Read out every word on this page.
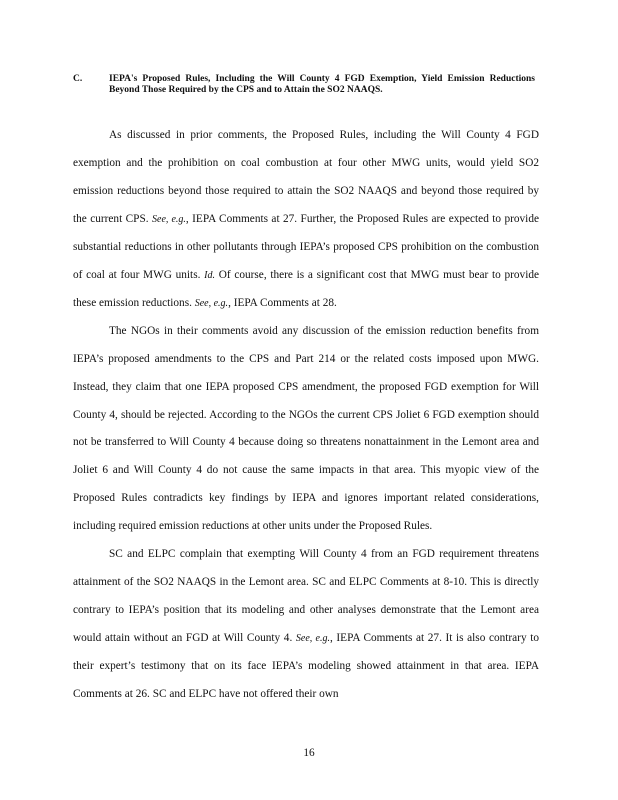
C.	IEPA's Proposed Rules, Including the Will County 4 FGD Exemption, Yield Emission Reductions Beyond Those Required by the CPS and to Attain the SO2 NAAQS.

As discussed in prior comments, the Proposed Rules, including the Will County 4 FGD exemption and the prohibition on coal combustion at four other MWG units, would yield SO2 emission reductions beyond those required to attain the SO2 NAAQS and beyond those required by the current CPS. See, e.g., IEPA Comments at 27. Further, the Proposed Rules are expected to provide substantial reductions in other pollutants through IEPA’s proposed CPS prohibition on the combustion of coal at four MWG units. Id. Of course, there is a significant cost that MWG must bear to provide these emission reductions. See, e.g., IEPA Comments at 28.

The NGOs in their comments avoid any discussion of the emission reduction benefits from IEPA’s proposed amendments to the CPS and Part 214 or the related costs imposed upon MWG. Instead, they claim that one IEPA proposed CPS amendment, the proposed FGD exemption for Will County 4, should be rejected. According to the NGOs the current CPS Joliet 6 FGD exemption should not be transferred to Will County 4 because doing so threatens nonattainment in the Lemont area and Joliet 6 and Will County 4 do not cause the same impacts in that area. This myopic view of the Proposed Rules contradicts key findings by IEPA and ignores important related considerations, including required emission reductions at other units under the Proposed Rules.

SC and ELPC complain that exempting Will County 4 from an FGD requirement threatens attainment of the SO2 NAAQS in the Lemont area. SC and ELPC Comments at 8-10. This is directly contrary to IEPA’s position that its modeling and other analyses demonstrate that the Lemont area would attain without an FGD at Will County 4. See, e.g., IEPA Comments at 27. It is also contrary to their expert’s testimony that on its face IEPA’s modeling showed attainment in that area. IEPA Comments at 26. SC and ELPC have not offered their own

16
